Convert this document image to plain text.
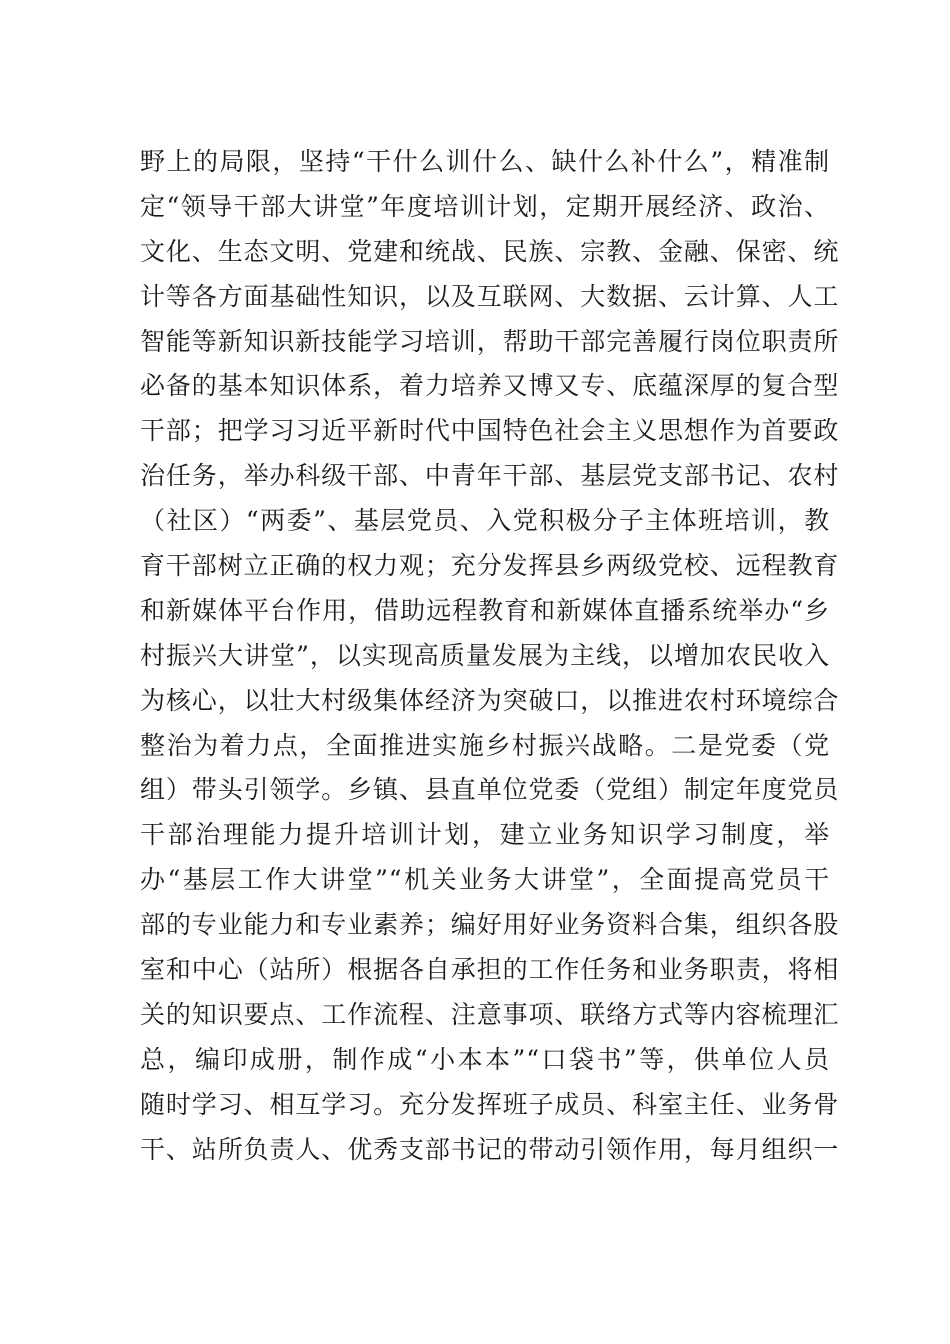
野上的局限，坚持“干什么训什么、缺什么补什么”，精准制
定“领导干部大讲堂”年度培训计划，定期开展经济、政治、
文化、生态文明、党建和统战、民族、宗教、金融、保密、统
计等各方面基础性知识，以及互联网、大数据、云计算、人工
智能等新知识新技能学习培训，帮助干部完善履行岗位职责所
必备的基本知识体系，着力培养又博又专、底蕴深厚的复合型
干部；把学习习近平新时代中国特色社会主义思想作为首要政
治任务，举办科级干部、中青年干部、基层党支部书记、农村
（社区）“两委”、基层党员、入党积极分子主体班培训，教
育干部树立正确的权力观；充分发挥县乡两级党校、远程教育
和新媒体平台作用，借助远程教育和新媒体直播系统举办“乡
村振兴大讲堂”，以实现高质量发展为主线，以增加农民收入
为核心，以壮大村级集体经济为突破口，以推进农村环境综合
整治为着力点，全面推进实施乡村振兴战略。二是党委（党
组）带头引领学。乡镇、县直单位党委（党组）制定年度党员
干部治理能力提升培训计划，建立业务知识学习制度，举
办“基层工作大讲堂”“机关业务大讲堂”，全面提高党员干
部的专业能力和专业素养；编好用好业务资料合集，组织各股
室和中心（站所）根据各自承担的工作任务和业务职责，将相
关的知识要点、工作流程、注意事项、联络方式等内容梳理汇
总，编印成册，制作成“小本本”“口袋书”等，供单位人员
随时学习、相互学习。充分发挥班子成员、科室主任、业务骨
干、站所负责人、优秀支部书记的带动引领作用，每月组织一
